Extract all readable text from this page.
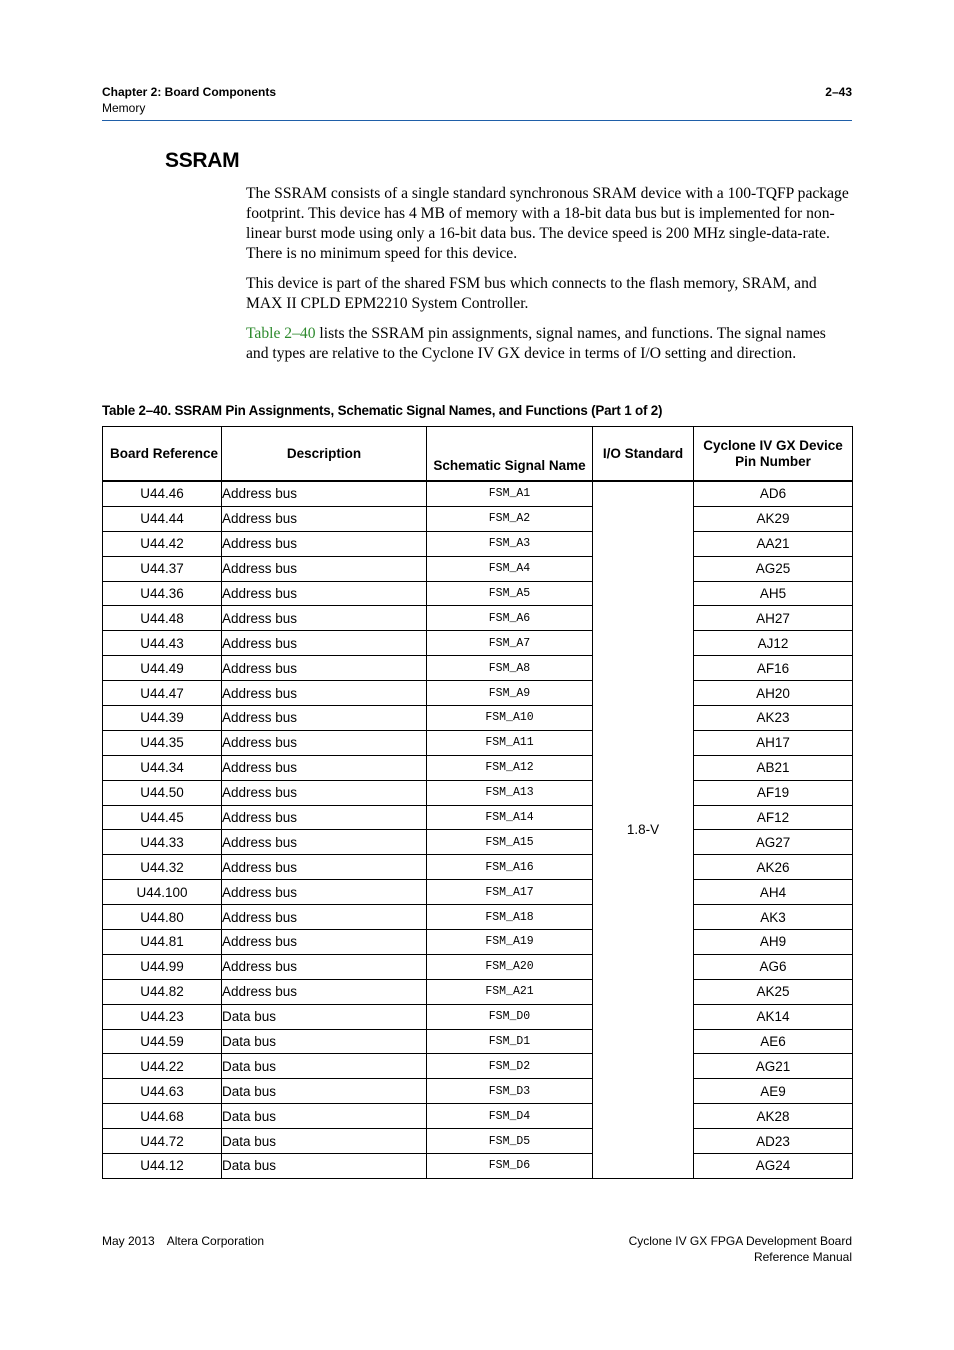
Chapter 2: Board Components
Memory
2–43
SSRAM

The SSRAM consists of a single standard synchronous SRAM device with a 100-TQFP package footprint. This device has 4 MB of memory with a 18-bit data bus but is implemented for non-linear burst mode using only a 16-bit data bus. The device speed is 200 MHz single-data-rate. There is no minimum speed for this device.

This device is part of the shared FSM bus which connects to the flash memory, SRAM, and MAX II CPLD EPM2210 System Controller.

Table 2–40 lists the SSRAM pin assignments, signal names, and functions. The signal names and types are relative to the Cyclone IV GX device in terms of I/O setting and direction.

Table 2–40. SSRAM Pin Assignments, Schematic Signal Names, and Functions (Part 1 of 2)
Board Reference	Description	Schematic Signal Name	I/O Standard	Cyclone IV GX Device
Pin Number
U44.46	Address bus	FSM_A1	1.8-V	AD6
U44.44	Address bus	FSM_A2		AK29
U44.42	Address bus	FSM_A3		AA21
U44.37	Address bus	FSM_A4		AG25
U44.36	Address bus	FSM_A5		AH5
U44.48	Address bus	FSM_A6		AH27
U44.43	Address bus	FSM_A7		AJ12
U44.49	Address bus	FSM_A8		AF16
U44.47	Address bus	FSM_A9		AH20
U44.39	Address bus	FSM_A10		AK23
U44.35	Address bus	FSM_A11		AH17
U44.34	Address bus	FSM_A12		AB21
U44.50	Address bus	FSM_A13		AF19
U44.45	Address bus	FSM_A14		AF12
U44.33	Address bus	FSM_A15		AG27
U44.32	Address bus	FSM_A16		AK26
U44.100	Address bus	FSM_A17		AH4
U44.80	Address bus	FSM_A18		AK3
U44.81	Address bus	FSM_A19		AH9
U44.99	Address bus	FSM_A20		AG6
U44.82	Address bus	FSM_A21		AK25
U44.23	Data bus	FSM_D0		AK14
U44.59	Data bus	FSM_D1		AE6
U44.22	Data bus	FSM_D2		AG21
U44.63	Data bus	FSM_D3		AE9
U44.68	Data bus	FSM_D4		AK28
U44.72	Data bus	FSM_D5		AD23
U44.12	Data bus	FSM_D6		AG24
May 2013 Altera Corporation	Cyclone IV GX FPGA Development Board
Reference Manual
